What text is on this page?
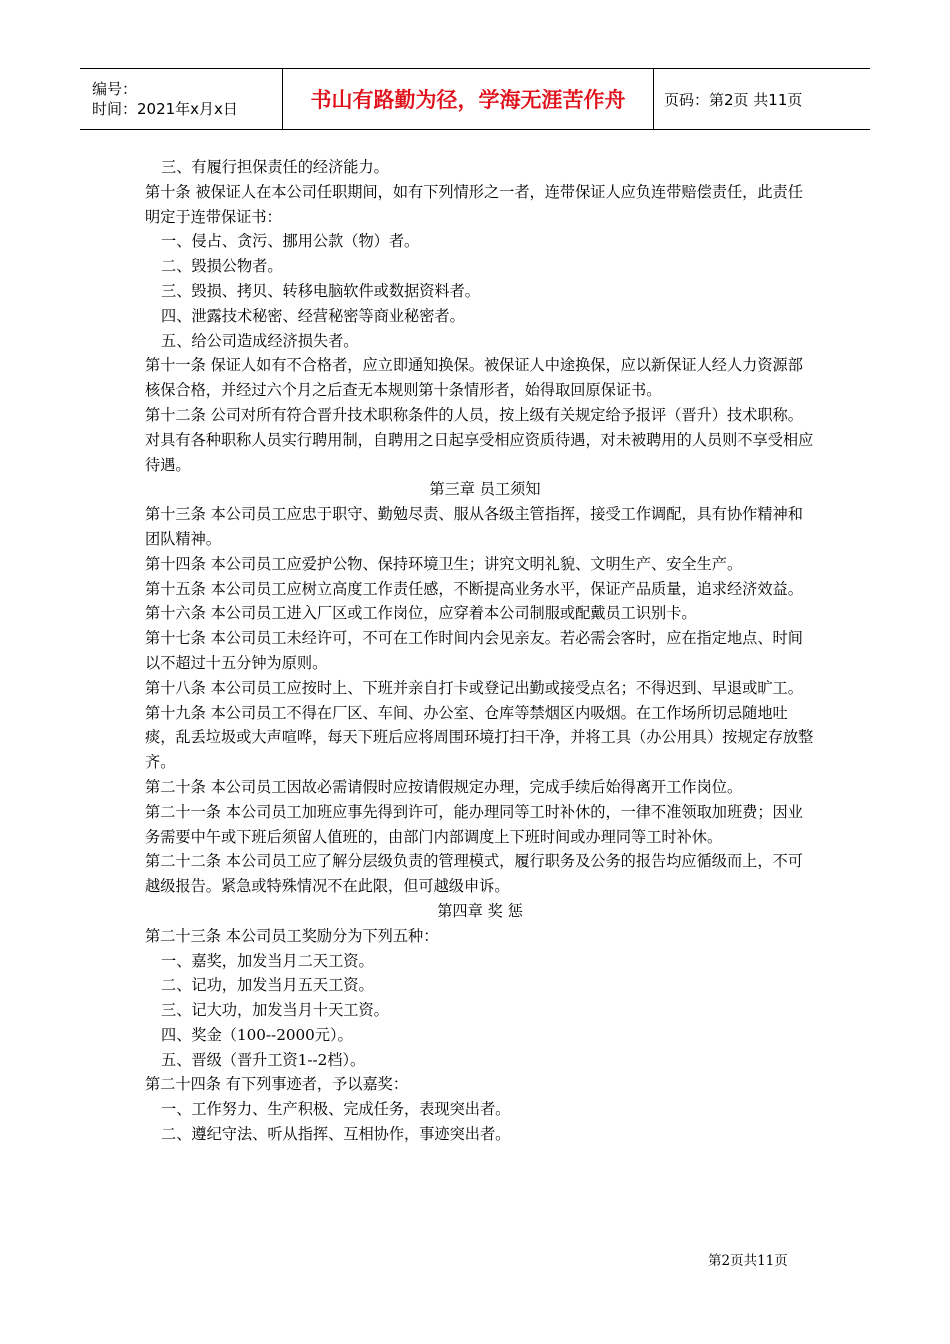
编号：
时间：2021年x月x日	书山有路勤为径，学海无涯苦作舟	页码：第2页 共11页

三、有履行担保责任的经济能力。

第十条 被保证人在本公司任职期间，如有下列情形之一者，连带保证人应负连带赔偿责任，此责任明定于连带保证书：

一、侵占、贪污、挪用公款（物）者。

二、毁损公物者。

三、毁损、拷贝、转移电脑软件或数据资料者。

四、泄露技术秘密、经营秘密等商业秘密者。

五、给公司造成经济损失者。

第十一条 保证人如有不合格者，应立即通知换保。被保证人中途换保，应以新保证人经人力资源部核保合格，并经过六个月之后查无本规则第十条情形者，始得取回原保证书。

第十二条 公司对所有符合晋升技术职称条件的人员，按上级有关规定给予报评（晋升）技术职称。对具有各种职称人员实行聘用制，自聘用之日起享受相应资质待遇，对未被聘用的人员则不享受相应待遇。

第三章 员工须知

第十三条 本公司员工应忠于职守、勤勉尽责、服从各级主管指挥，接受工作调配，具有协作精神和团队精神。

第十四条 本公司员工应爱护公物、保持环境卫生；讲究文明礼貌、文明生产、安全生产。

第十五条 本公司员工应树立高度工作责任感，不断提高业务水平，保证产品质量，追求经济效益。

第十六条 本公司员工进入厂区或工作岗位，应穿着本公司制服或配戴员工识别卡。

第十七条 本公司员工未经许可，不可在工作时间内会见亲友。若必需会客时，应在指定地点、时间以不超过十五分钟为原则。

第十八条 本公司员工应按时上、下班并亲自打卡或登记出勤或接受点名；不得迟到、早退或旷工。

第十九条 本公司员工不得在厂区、车间、办公室、仓库等禁烟区内吸烟。在工作场所切忌随地吐痰，乱丢垃圾或大声喧哗，每天下班后应将周围环境打扫干净，并将工具（办公用具）按规定存放整齐。

第二十条 本公司员工因故必需请假时应按请假规定办理，完成手续后始得离开工作岗位。

第二十一条 本公司员工加班应事先得到许可，能办理同等工时补休的，一律不准领取加班费；因业务需要中午或下班后须留人值班的，由部门内部调度上下班时间或办理同等工时补休。

第二十二条 本公司员工应了解分层级负责的管理模式，履行职务及公务的报告均应循级而上，不可越级报告。紧急或特殊情况不在此限，但可越级申诉。

第四章 奖 惩

第二十三条 本公司员工奖励分为下列五种：

一、嘉奖，加发当月二天工资。

二、记功，加发当月五天工资。

三、记大功，加发当月十天工资。

四、奖金（100--2000元）。

五、晋级（晋升工资1--2档）。

第二十四条 有下列事迹者，予以嘉奖：

一、工作努力、生产积极、完成任务，表现突出者。

二、遵纪守法、听从指挥、互相协作，事迹突出者。

第2页共11页
